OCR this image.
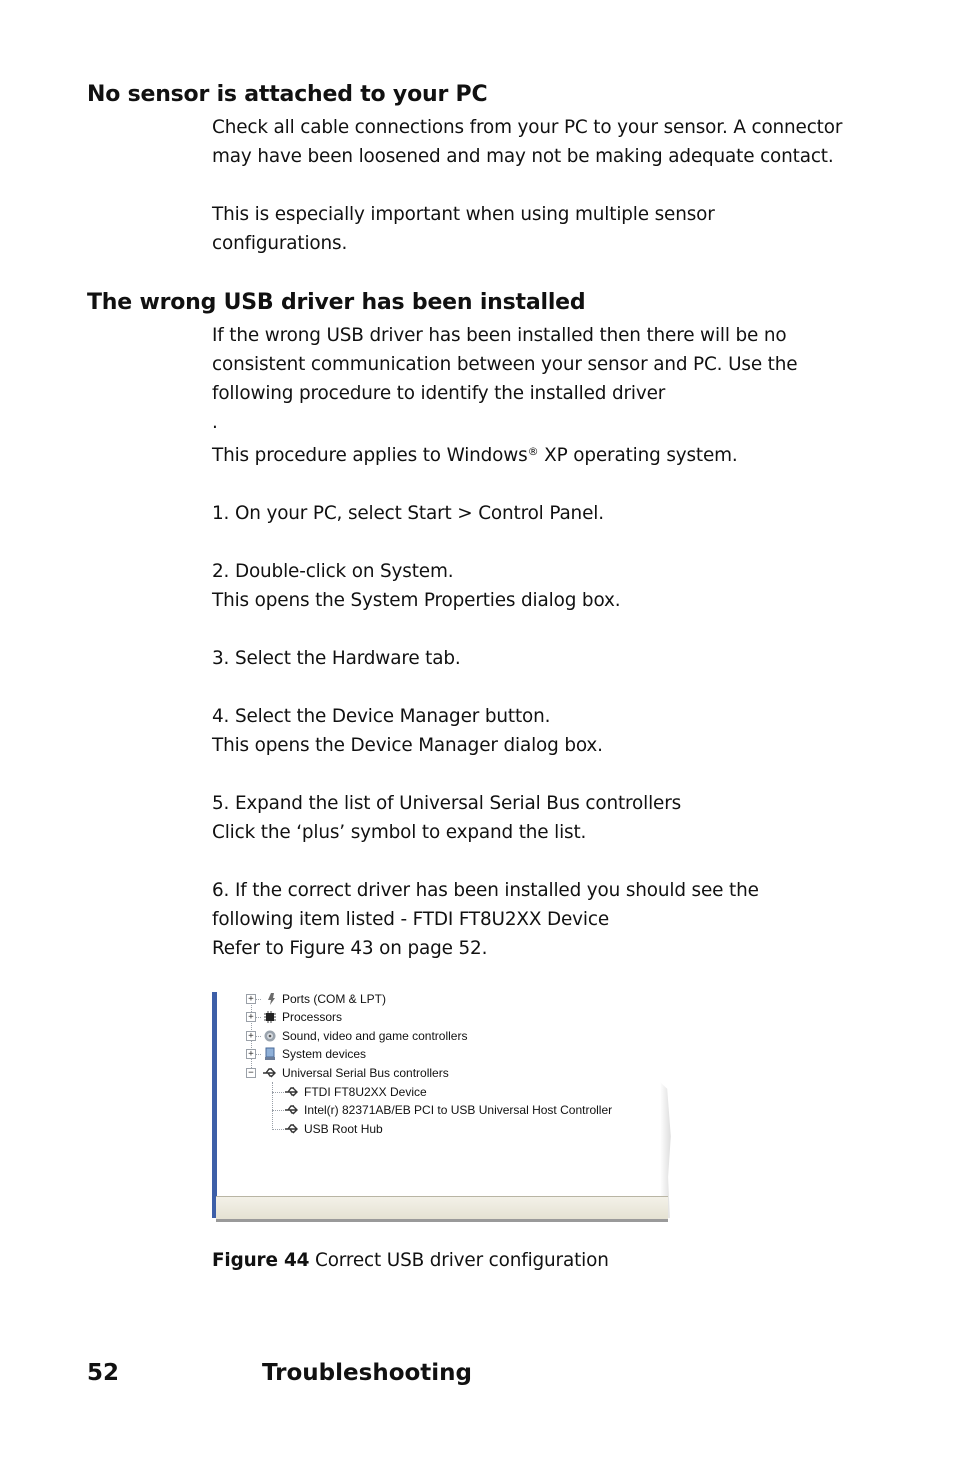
No sensor is attached to your PC

Check all cable connections from your PC to your sensor. A connector

may have been loosened and may not be making adequate contact.

This is especially important when using multiple sensor

configurations.

The wrong USB driver has been installed

If the wrong USB driver has been installed then there will be no

consistent communication between your sensor and PC. Use the

following procedure to identify the installed driver

.

This procedure applies to Windows® XP operating system.

1. On your PC, select Start > Control Panel.

2. Double-click on System.

This opens the System Properties dialog box.

3. Select the Hardware tab.

4. Select the Device Manager button.

This opens the Device Manager dialog box.

5. Expand the list of Universal Serial Bus controllers

Click the ‘plus’ symbol to expand the list.

6. If the correct driver has been installed you should see the

following item listed - FTDI FT8U2XX Device

Refer to Figure 43 on page 52.

+ Ports (COM & LPT)
+ Processors
+ Sound, video and game controllers
+ System devices
− Universal Serial Bus controllers
FTDI FT8U2XX Device
Intel(r) 82371AB/EB PCI to USB Universal Host Controller
USB Root Hub

Figure 44 Correct USB driver configuration

52	Troubleshooting
